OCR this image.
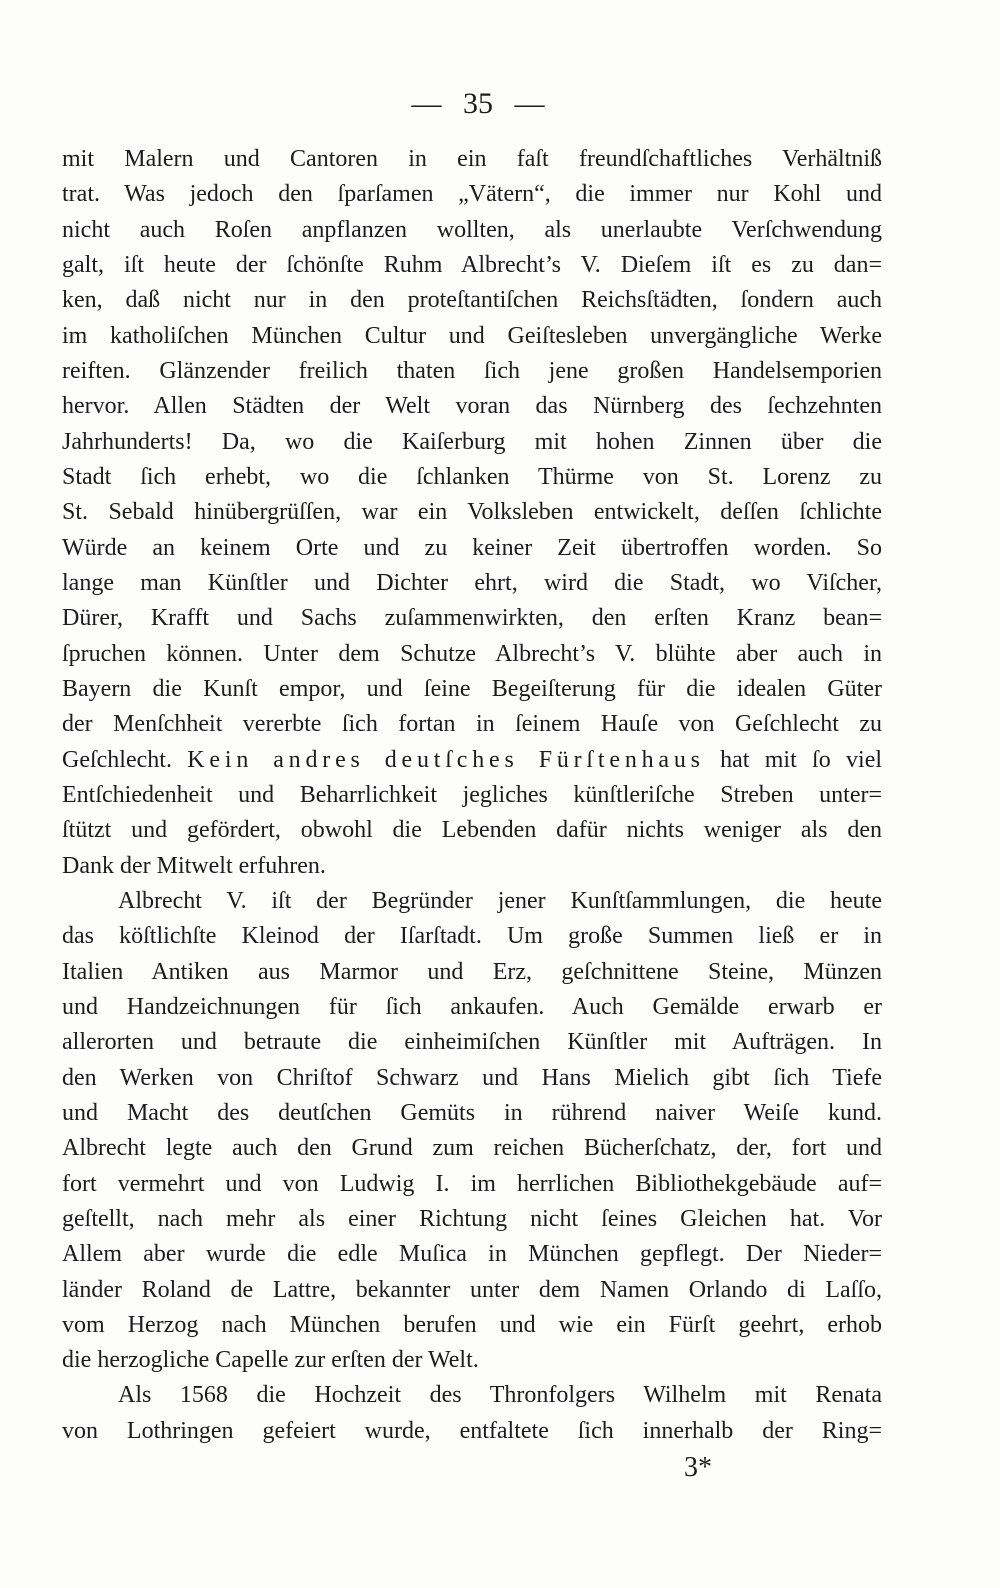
— 35 —
mit Malern und Cantoren in ein faſt freundſchaftliches Verhältniß
trat. Was jedoch den ſparſamen „Vätern“, die immer nur Kohl und
nicht auch Roſen anpflanzen wollten, als unerlaubte Verſchwendung
galt, iſt heute der ſchönſte Ruhm Albrecht’s V. Dieſem iſt es zu dan=
ken, daß nicht nur in den proteſtantiſchen Reichsſtädten, ſondern auch
im katholiſchen München Cultur und Geiſtesleben unvergängliche Werke
reiften. Glänzender freilich thaten ſich jene großen Handelsemporien
hervor. Allen Städten der Welt voran das Nürnberg des ſechzehnten
Jahrhunderts! Da, wo die Kaiſerburg mit hohen Zinnen über die
Stadt ſich erhebt, wo die ſchlanken Thürme von St. Lorenz zu
St. Sebald hinübergrüſſen, war ein Volksleben entwickelt, deſſen ſchlichte
Würde an keinem Orte und zu keiner Zeit übertroffen worden. So
lange man Künſtler und Dichter ehrt, wird die Stadt, wo Viſcher,
Dürer, Krafft und Sachs zuſammenwirkten, den erſten Kranz bean=
ſpruchen können. Unter dem Schutze Albrecht’s V. blühte aber auch in
Bayern die Kunſt empor, und ſeine Begeiſterung für die idealen Güter
der Menſchheit vererbte ſich fortan in ſeinem Hauſe von Geſchlecht zu
Geſchlecht. Kein andres deutſches Fürſtenhaus hat mit ſo viel
Entſchiedenheit und Beharrlichkeit jegliches künſtleriſche Streben unter=
ſtützt und gefördert, obwohl die Lebenden dafür nichts weniger als den
Dank der Mitwelt erfuhren.
Albrecht V. iſt der Begründer jener Kunſtſammlungen, die heute
das köſtlichſte Kleinod der Iſarſtadt. Um große Summen ließ er in
Italien Antiken aus Marmor und Erz, geſchnittene Steine, Münzen
und Handzeichnungen für ſich ankaufen. Auch Gemälde erwarb er
allerorten und betraute die einheimiſchen Künſtler mit Aufträgen. In
den Werken von Chriſtof Schwarz und Hans Mielich gibt ſich Tiefe
und Macht des deutſchen Gemüts in rührend naiver Weiſe kund.
Albrecht legte auch den Grund zum reichen Bücherſchatz, der, fort und
fort vermehrt und von Ludwig I. im herrlichen Bibliothekgebäude auf=
geſtellt, nach mehr als einer Richtung nicht ſeines Gleichen hat. Vor
Allem aber wurde die edle Muſica in München gepflegt. Der Nieder=
länder Roland de Lattre, bekannter unter dem Namen Orlando di Laſſo,
vom Herzog nach München berufen und wie ein Fürſt geehrt, erhob
die herzogliche Capelle zur erſten der Welt.
Als 1568 die Hochzeit des Thronfolgers Wilhelm mit Renata
von Lothringen gefeiert wurde, entfaltete ſich innerhalb der Ring=
3*
